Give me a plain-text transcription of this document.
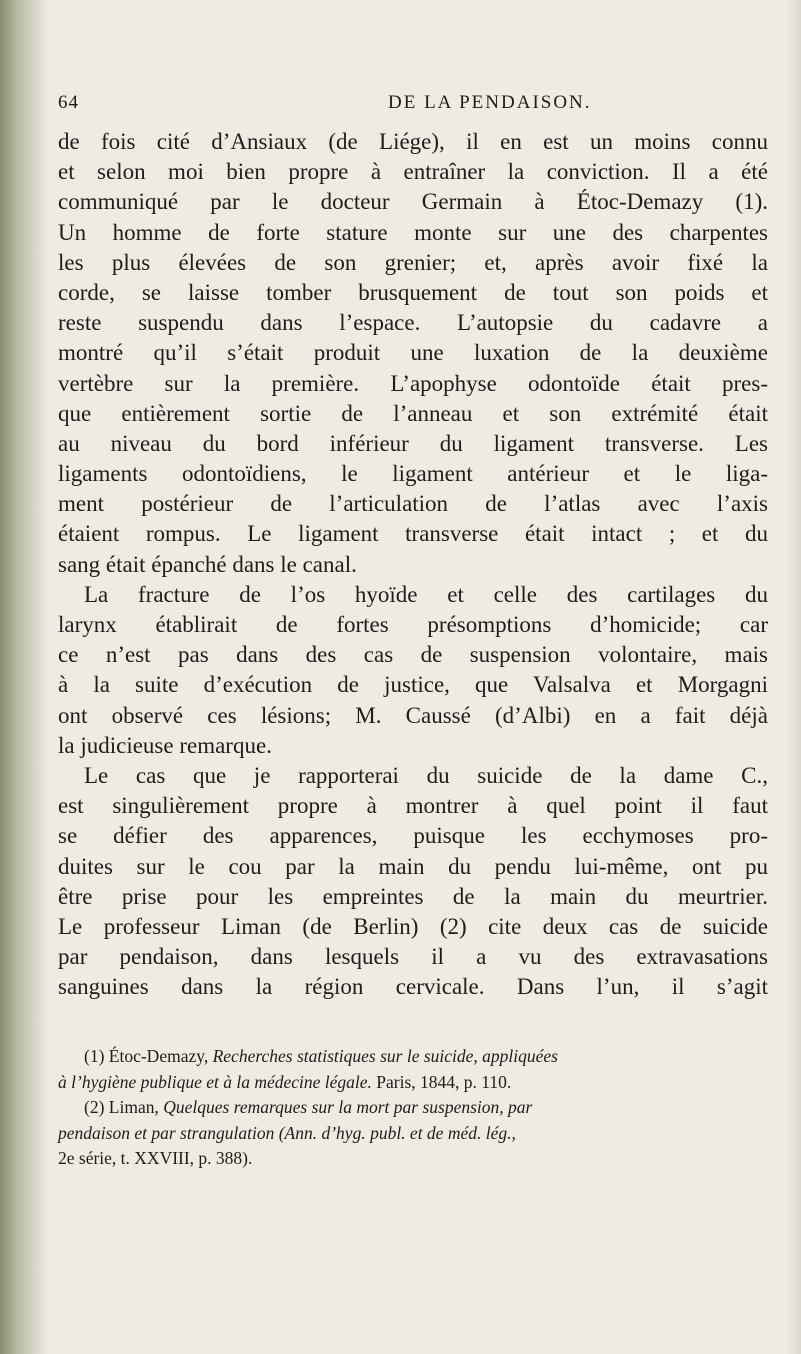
64	DE LA PENDAISON.
de fois cité d’Ansiaux (de Liége), il en est un moins connu
et selon moi bien propre à entraîner la conviction. Il a été
communiqué par le docteur Germain à Étoc-Demazy (1).
Un homme de forte stature monte sur une des charpentes
les plus élevées de son grenier; et, après avoir fixé la
corde, se laisse tomber brusquement de tout son poids et
reste suspendu dans l’espace. L’autopsie du cadavre a
montré qu’il s’était produit une luxation de la deuxième
vertèbre sur la première. L’apophyse odontoïde était pres-
que entièrement sortie de l’anneau et son extrémité était
au niveau du bord inférieur du ligament transverse. Les
ligaments odontoïdiens, le ligament antérieur et le liga-
ment postérieur de l’articulation de l’atlas avec l’axis
étaient rompus. Le ligament transverse était intact ; et du
sang était épanché dans le canal.
La fracture de l’os hyoïde et celle des cartilages du
larynx établirait de fortes présomptions d’homicide; car
ce n’est pas dans des cas de suspension volontaire, mais
à la suite d’exécution de justice, que Valsalva et Morgagni
ont observé ces lésions; M. Caussé (d’Albi) en a fait déjà
la judicieuse remarque.
Le cas que je rapporterai du suicide de la dame C.,
est singulièrement propre à montrer à quel point il faut
se défier des apparences, puisque les ecchymoses pro-
duites sur le cou par la main du pendu lui-même, ont pu
être prise pour les empreintes de la main du meurtrier.
Le professeur Liman (de Berlin) (2) cite deux cas de suicide
par pendaison, dans lesquels il a vu des extravasations
sanguines dans la région cervicale. Dans l’un, il s’agit
(1) Étoc-Demazy, Recherches statistiques sur le suicide, appliquées
à l’hygiène publique et à la médecine légale. Paris, 1844, p. 110.
(2) Liman, Quelques remarques sur la mort par suspension, par
pendaison et par strangulation (Ann. d’hyg. publ. et de méd. lég.,
2e série, t. XXVIII, p. 388).
